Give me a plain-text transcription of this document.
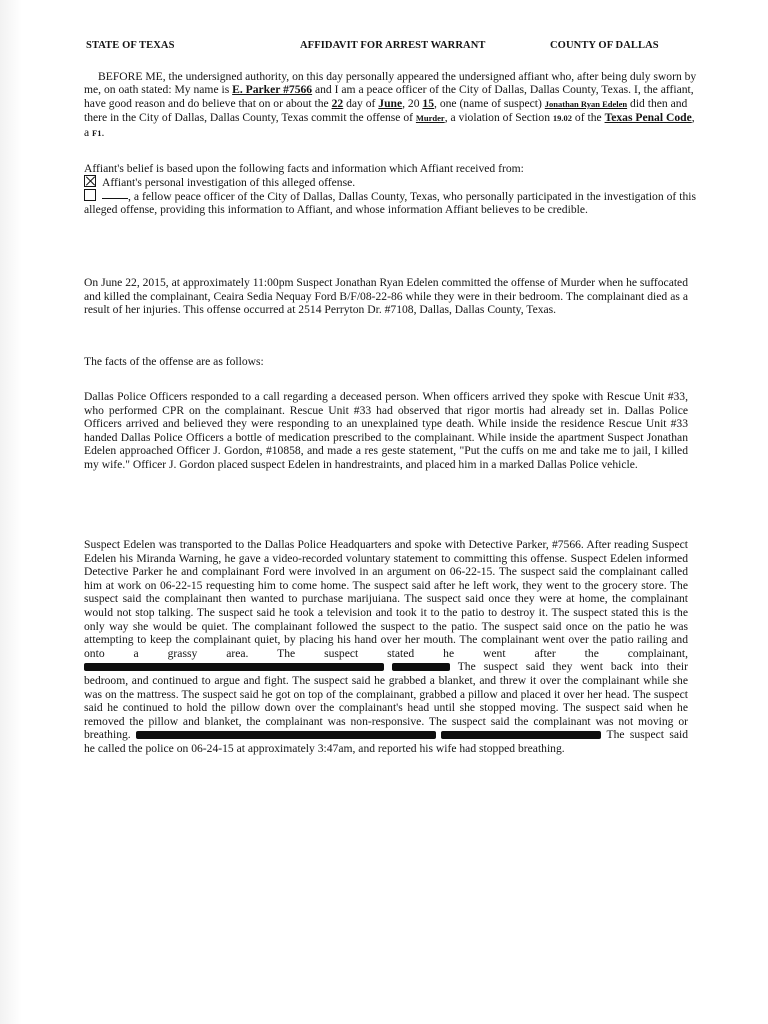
STATE OF TEXAS	AFFIDAVIT FOR ARREST WARRANT	COUNTY OF DALLAS
BEFORE ME, the undersigned authority, on this day personally appeared the undersigned affiant who, after being duly sworn by me, on oath stated: My name is E. Parker #7566 and I am a peace officer of the City of Dallas, Dallas County, Texas. I, the affiant, have good reason and do believe that on or about the 22 day of June, 20 15, one (name of suspect) Jonathan Ryan Edelen did then and there in the City of Dallas, Dallas County, Texas commit the offense of Murder, a violation of Section 19.02 of the Texas Penal Code, a F1.
Affiant's belief is based upon the following facts and information which Affiant received from:
Affiant's personal investigation of this alleged offense.
, a fellow peace officer of the City of Dallas, Dallas County, Texas, who personally participated in the investigation of this alleged offense, providing this information to Affiant, and whose information Affiant believes to be credible.
On June 22, 2015, at approximately 11:00pm Suspect Jonathan Ryan Edelen committed the offense of Murder when he suffocated and killed the complainant, Ceaira Sedia Nequay Ford B/F/08-22-86 while they were in their bedroom. The complainant died as a result of her injuries. This offense occurred at 2514 Perryton Dr. #7108, Dallas, Dallas County, Texas.
The facts of the offense are as follows:
Dallas Police Officers responded to a call regarding a deceased person. When officers arrived they spoke with Rescue Unit #33, who performed CPR on the complainant. Rescue Unit #33 had observed that rigor mortis had already set in. Dallas Police Officers arrived and believed they were responding to an unexplained type death. While inside the residence Rescue Unit #33 handed Dallas Police Officers a bottle of medication prescribed to the complainant. While inside the apartment Suspect Jonathan Edelen approached Officer J. Gordon, #10858, and made a res geste statement, "Put the cuffs on me and take me to jail, I killed my wife." Officer J. Gordon placed suspect Edelen in handrestraints, and placed him in a marked Dallas Police vehicle.
Suspect Edelen was transported to the Dallas Police Headquarters and spoke with Detective Parker, #7566. After reading Suspect Edelen his Miranda Warning, he gave a video-recorded voluntary statement to committing this offense. Suspect Edelen informed Detective Parker he and complainant Ford were involved in an argument on 06-22-15. The suspect said the complainant called him at work on 06-22-15 requesting him to come home. The suspect said after he left work, they went to the grocery store. The suspect said the complainant then wanted to purchase marijuiana. The suspect said once they were at home, the complainant would not stop talking. The suspect said he took a television and took it to the patio to destroy it. The suspect stated this is the only way she would be quiet. The complainant followed the suspect to the patio. The suspect said once on the patio he was attempting to keep the complainant quiet, by placing his hand over her mouth. The complainant went over the patio railing and onto a grassy area. The suspect stated he went after the complainant,   The suspect said they went back into their bedroom, and continued to argue and fight. The suspect said he grabbed a blanket, and threw it over the complainant while she was on the mattress. The suspect said he got on top of the complainant, grabbed a pillow and placed it over her head. The suspect said he continued to hold the pillow down over the complainant's head until she stopped moving. The suspect said when he removed the pillow and blanket, the complainant was non-responsive. The suspect said the complainant was not moving or breathing.	The suspect said he called the police on 06-24-15 at approximately 3:47am, and reported his wife had stopped breathing.
